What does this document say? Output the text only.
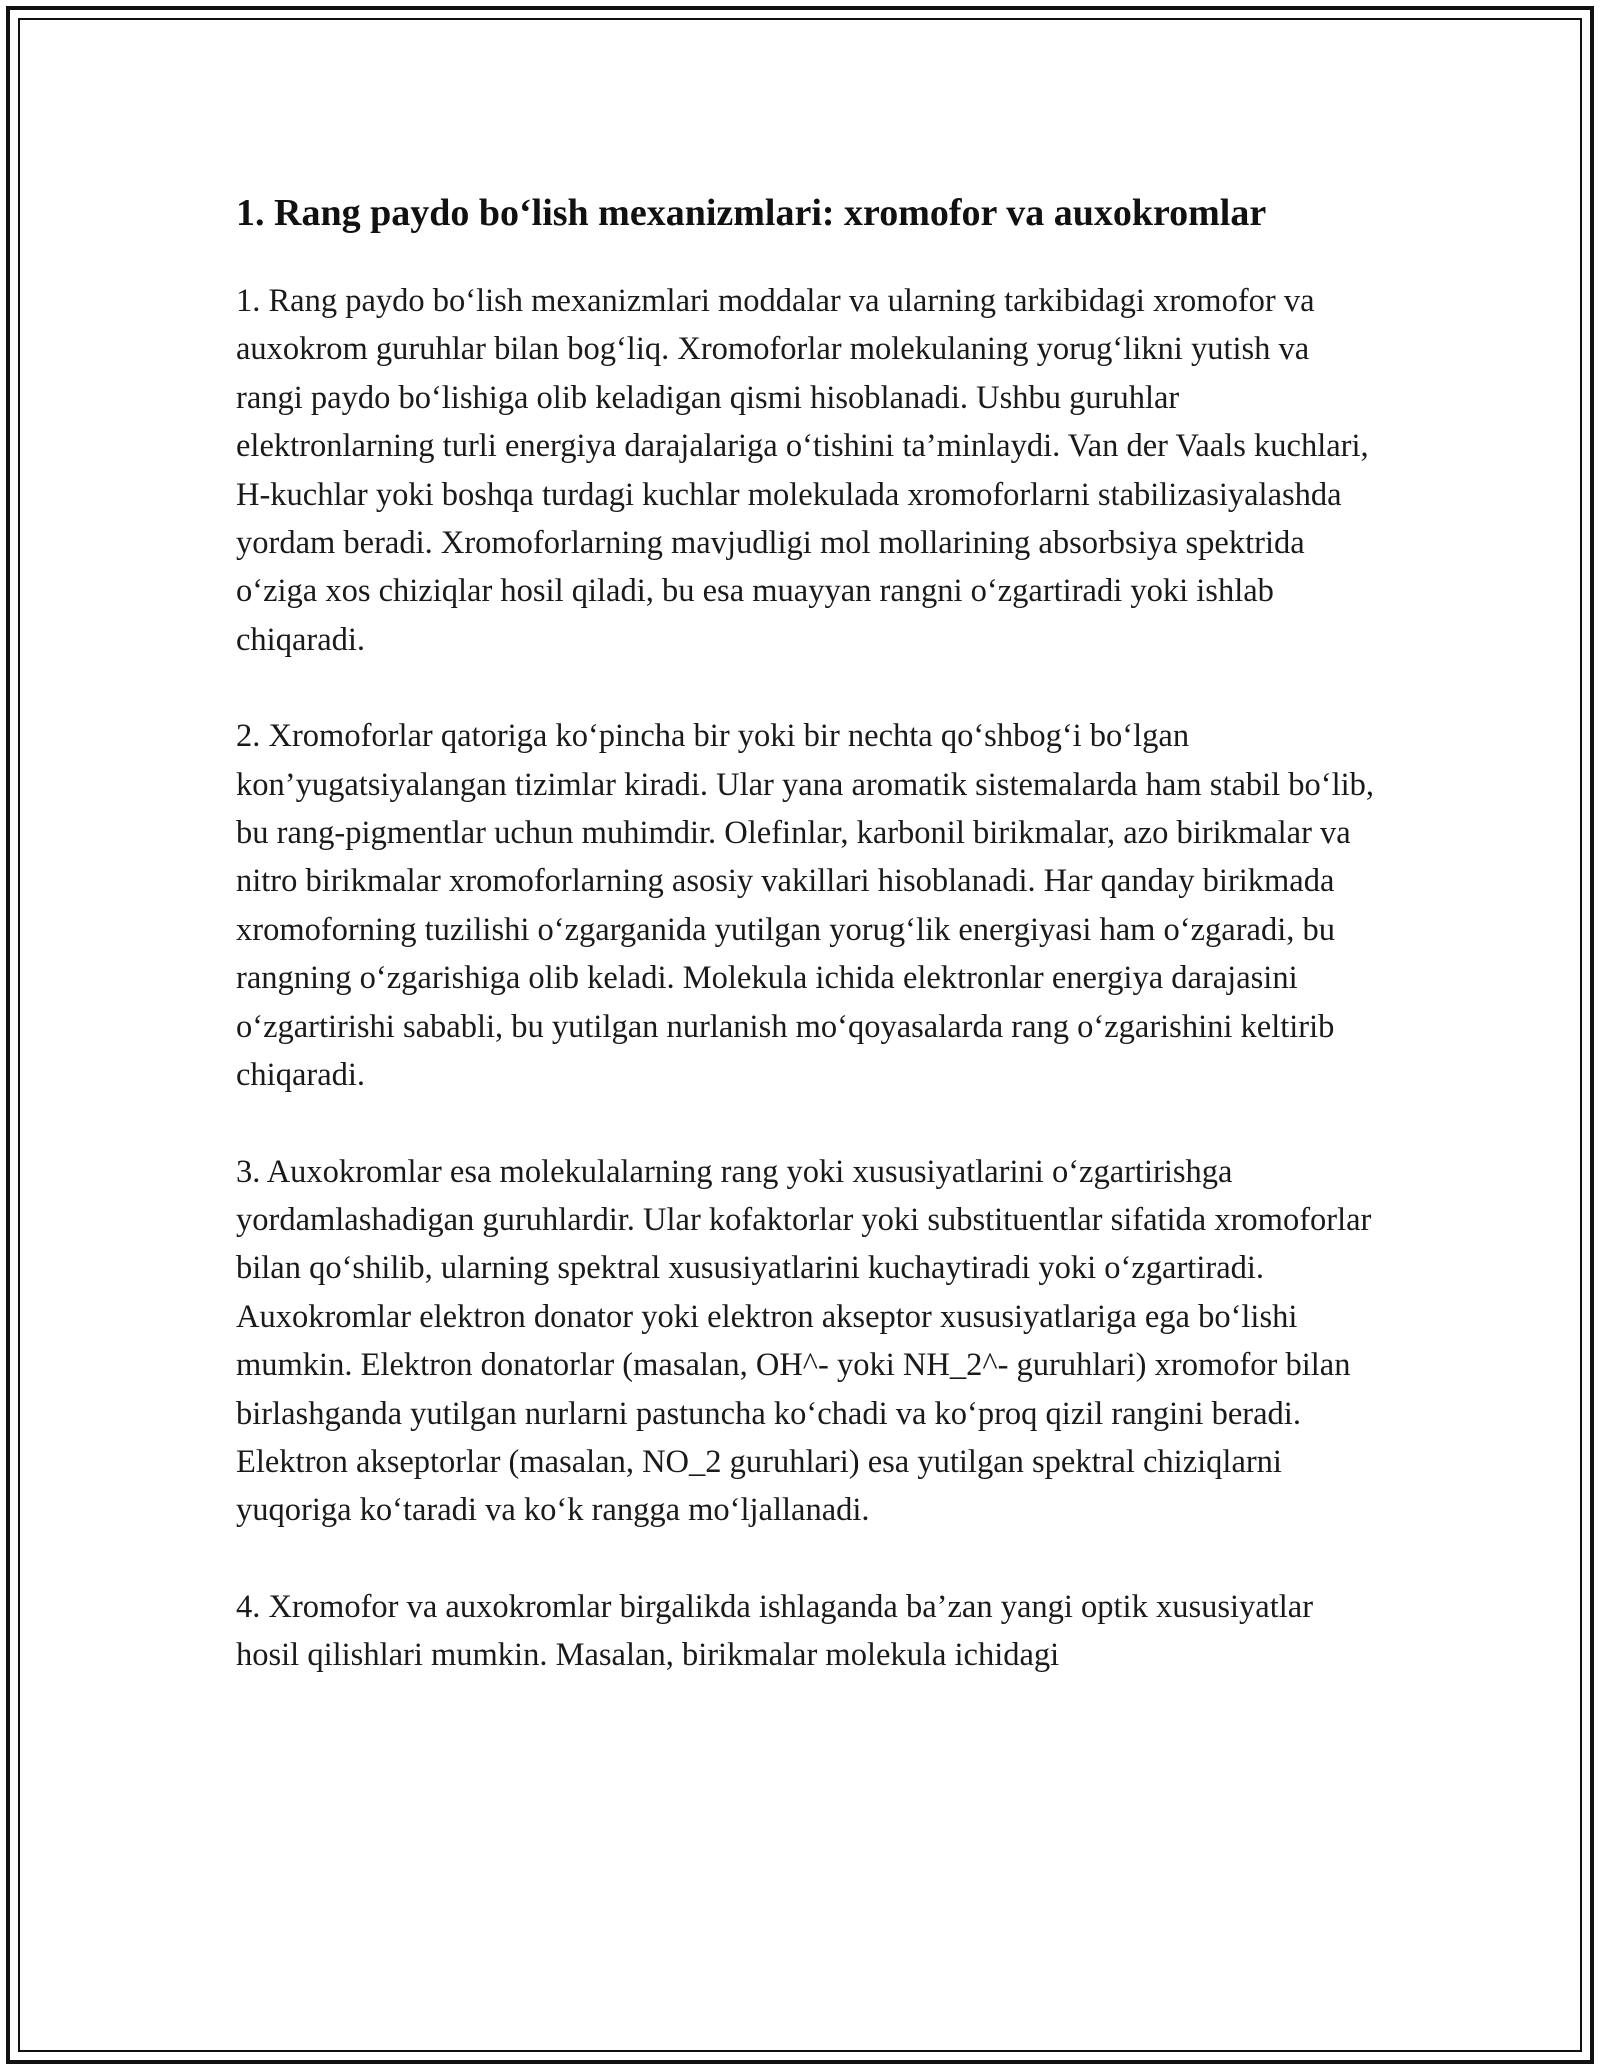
1. Rang paydo bo‘lish mexanizmlari: xromofor va auxokromlar

1. Rang paydo bo‘lish mexanizmlari moddalar va ularning tarkibidagi xromofor va auxokrom guruhlar bilan bog‘liq. Xromoforlar molekulaning yorug‘likni yutish va rangi paydo bo‘lishiga olib keladigan qismi hisoblanadi. Ushbu guruhlar elektronlarning turli energiya darajalariga o‘tishini ta’minlaydi. Van der Vaals kuchlari, H-kuchlar yoki boshqa turdagi kuchlar molekulada xromoforlarni stabilizasiyalashda yordam beradi. Xromoforlarning mavjudligi mol mollarining absorbsiya spektrida o‘ziga xos chiziqlar hosil qiladi, bu esa muayyan rangni o‘zgartiradi yoki ishlab chiqaradi.

2. Xromoforlar qatoriga ko‘pincha bir yoki bir nechta qo‘shbog‘i bo‘lgan kon’yugatsiyalangan tizimlar kiradi. Ular yana aromatik sistemalarda ham stabil bo‘lib, bu rang-pigmentlar uchun muhimdir. Olefinlar, karbonil birikmalar, azo birikmalar va nitro birikmalar xromoforlarning asosiy vakillari hisoblanadi. Har qanday birikmada xromoforning tuzilishi o‘zgarganida yutilgan yorug‘lik energiyasi ham o‘zgaradi, bu rangning o‘zgarishiga olib keladi. Molekula ichida elektronlar energiya darajasini o‘zgartirishi sababli, bu yutilgan nurlanish mo‘qoyasalarda rang o‘zgarishini keltirib chiqaradi.

3. Auxokromlar esa molekulalarning rang yoki xususiyatlarini o‘zgartirishga yordamlashadigan guruhlardir. Ular kofaktorlar yoki substituentlar sifatida xromoforlar bilan qo‘shilib, ularning spektral xususiyatlarini kuchaytiradi yoki o‘zgartiradi. Auxokromlar elektron donator yoki elektron akseptor xususiyatlariga ega bo‘lishi mumkin. Elektron donatorlar (masalan, OH^- yoki NH_2^- guruhlari) xromofor bilan birlashganda yutilgan nurlarni pastuncha ko‘chadi va ko‘proq qizil rangini beradi. Elektron akseptorlar (masalan, NO_2 guruhlari) esa yutilgan spektral chiziqlarni yuqoriga ko‘taradi va ko‘k rangga mo‘ljallanadi.

4. Xromofor va auxokromlar birgalikda ishlaganda ba’zan yangi optik xususiyatlar hosil qilishlari mumkin. Masalan, birikmalar molekula ichidagi
